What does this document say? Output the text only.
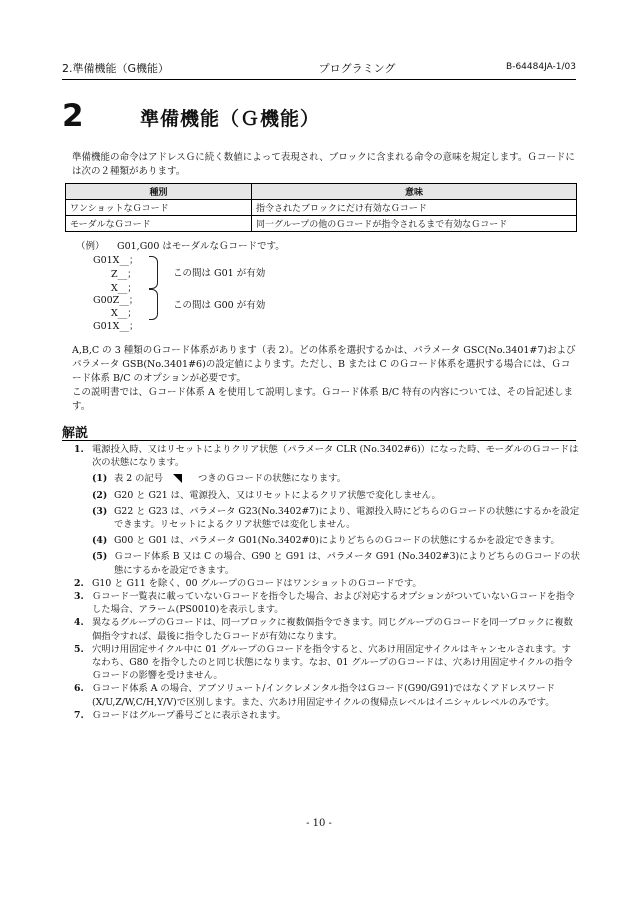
2.準備機能（G機能）	プログラミング	B-64484JA-1/03
2	準備機能（Ｇ機能）
準備機能の命令はアドレスＧに続く数値によって表現され、ブロックに含まれる命令の意味を規定します。Ｇコードには次の２種類があります。
種別	意味
ワンショットなＧコード	指令されたブロックにだけ有効なＧコード
モーダルなＧコード	同一グループの他のＧコードが指令されるまで有効なＧコード
（例） G01,G00 はモーダルなＧコードです。
G01X__；
Z__；
X__；
G00Z__；
X__；
G01X__；
この間は G01 が有効
この間は G00 が有効
A,B,C の 3 種類のＧコード体系があります（表 2）。どの体系を選択するかは、パラメータ GSC(No.3401#7)およびパラメータ GSB(No.3401#6)の設定値によります。ただし、B または C のＧコード体系を選択する場合には、Ｇコード体系 B/C のオプションが必要です。
この説明書では、Ｇコード体系 A を使用して説明します。Ｇコード体系 B/C 特有の内容については、その旨記述します。
解説
1. 電源投入時、又はリセットによりクリア状態（パラメータ CLR (No.3402#6)）になった時、モーダルのＧコードは次の状態になります。
(1) 表 2 の記号	つきのＧコードの状態になります。
(2) G20 と G21 は、電源投入、又はリセットによるクリア状態で変化しません。
(3) G22 と G23 は、パラメータ G23(No.3402#7)により、電源投入時にどちらのＧコードの状態にするかを設定できます。リセットによるクリア状態では変化しません。
(4) G00 と G01 は、パラメータ G01(No.3402#0)によりどちらのＧコードの状態にするかを設定できます。
(5) Ｇコード体系 B 又は C の場合、G90 と G91 は、パラメータ G91 (No.3402#3)によりどちらのＧコードの状態にするかを設定できます。
2. G10 と G11 を除く、00 グループのＧコードはワンショットのＧコードです。
3. Ｇコード一覧表に載っていないＧコードを指令した場合、および対応するオプションがついていないＧコードを指令した場合、アラーム(PS0010)を表示します。
4. 異なるグループのＧコードは、同一ブロックに複数個指令できます。同じグループのＧコードを同一ブロックに複数個指令すれば、最後に指令したＧコードが有効になります。
5. 穴明け用固定サイクル中に 01 グループのＧコードを指令すると、穴あけ用固定サイクルはキャンセルされます。すなわち、G80 を指令したのと同じ状態になります。なお、01 グループのＧコードは、穴あけ用固定サイクルの指令Ｇコードの影響を受けません。
6. Ｇコード体系 A の場合、アブソリュート/インクレメンタル指令はＧコード(G90/G91)ではなくアドレスワード(X/U,Z/W,C/H,Y/V)で区別します。また、穴あけ用固定サイクルの復帰点レベルはイニシャルレベルのみです。
7. Ｇコードはグループ番号ごとに表示されます。
- 10 -
